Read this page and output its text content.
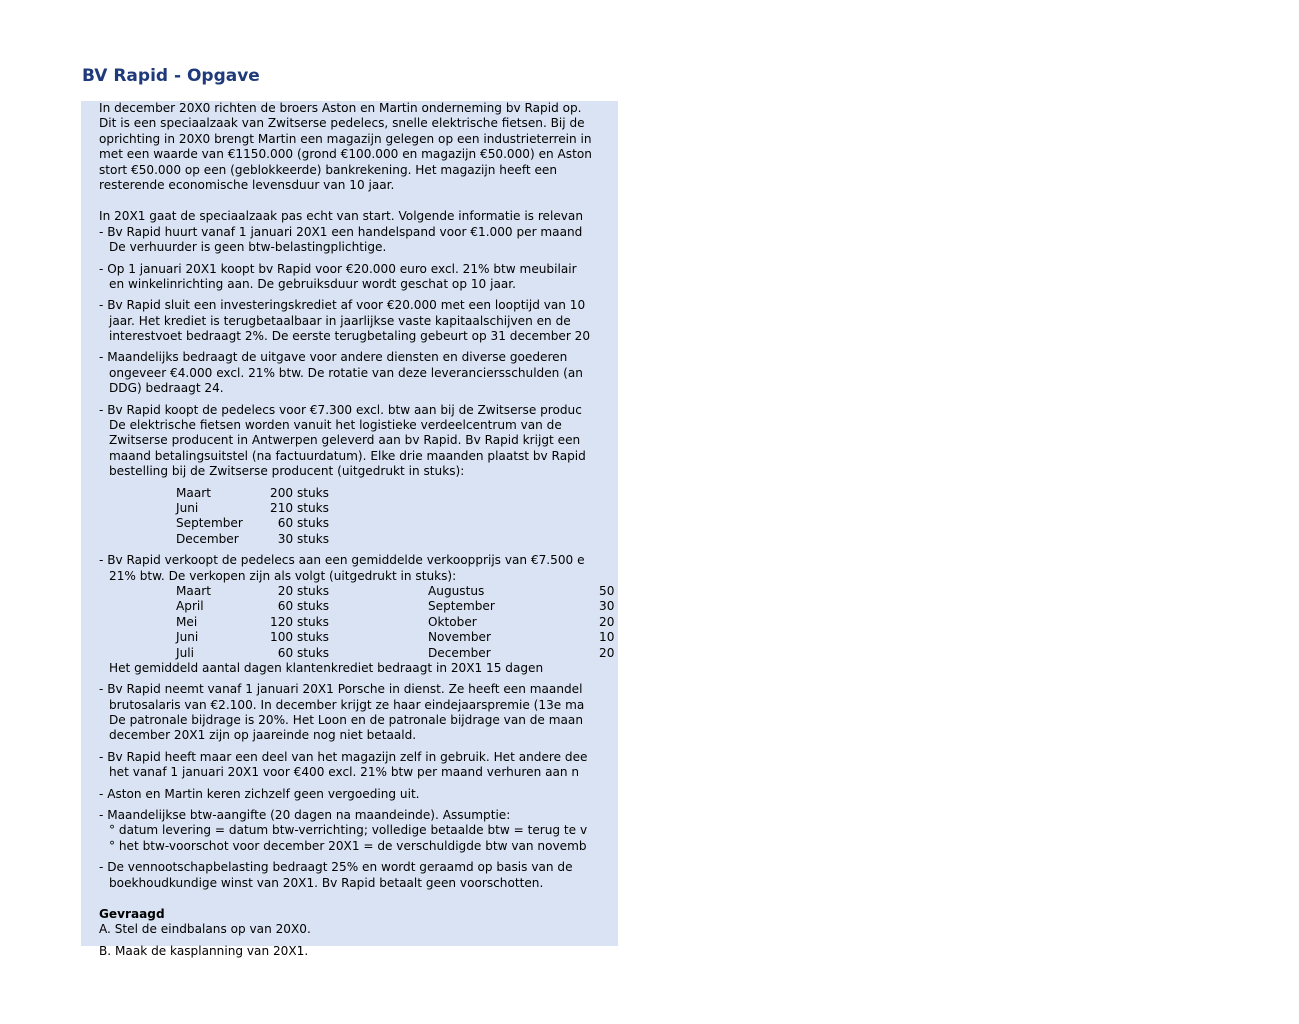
BV Rapid - Opgave
In december 20X0 richten de broers Aston en Martin onderneming bv Rapid op.
Dit is een speciaalzaak van Zwitserse pedelecs, snelle elektrische fietsen. Bij de
oprichting in 20X0 brengt Martin een magazijn gelegen op een industrieterrein in
met een waarde van €1150.000 (grond €100.000 en magazijn €50.000) en Aston
stort €50.000 op een (geblokkeerde) bankrekening. Het magazijn heeft een
resterende economische levensduur van 10 jaar.
In 20X1 gaat de speciaalzaak pas echt van start. Volgende informatie is relevan
- Bv Rapid huurt vanaf 1 januari 20X1 een handelspand voor €1.000 per maand
De verhuurder is geen btw-belastingplichtige.
- Op 1 januari 20X1 koopt bv Rapid voor €20.000 euro excl. 21% btw meubilair
en winkelinrichting aan. De gebruiksduur wordt geschat op 10 jaar.
- Bv Rapid sluit een investeringskrediet af voor €20.000 met een looptijd van 10
jaar. Het krediet is terugbetaalbaar in jaarlijkse vaste kapitaalschijven en de
interestvoet bedraagt 2%. De eerste terugbetaling gebeurt op 31 december 20
- Maandelijks bedraagt de uitgave voor andere diensten en diverse goederen
ongeveer €4.000 excl. 21% btw. De rotatie van deze leveranciersschulden (an
DDG) bedraagt 24.
- Bv Rapid koopt de pedelecs voor €7.300 excl. btw aan bij de Zwitserse produc
De elektrische fietsen worden vanuit het logistieke verdeelcentrum van de
Zwitserse producent in Antwerpen geleverd aan bv Rapid. Bv Rapid krijgt een
maand betalingsuitstel (na factuurdatum). Elke drie maanden plaatst bv Rapid
bestelling bij de Zwitserse producent (uitgedrukt in stuks):
Maart	200 stuks
Juni	210 stuks
September	60 stuks
December	30 stuks
- Bv Rapid verkoopt de pedelecs aan een gemiddelde verkoopprijs van €7.500 e
21% btw. De verkopen zijn als volgt (uitgedrukt in stuks):
Maart	20 stuks	Augustus	50
April	60 stuks	September	30
Mei	120 stuks	Oktober	20
Juni	100 stuks	November	10
Juli	60 stuks	December	20
Het gemiddeld aantal dagen klantenkrediet bedraagt in 20X1 15 dagen
- Bv Rapid neemt vanaf 1 januari 20X1 Porsche in dienst. Ze heeft een maandel
brutosalaris van €2.100. In december krijgt ze haar eindejaarspremie (13e ma
De patronale bijdrage is 20%. Het Loon en de patronale bijdrage van de maan
december 20X1 zijn op jaareinde nog niet betaald.
- Bv Rapid heeft maar een deel van het magazijn zelf in gebruik. Het andere dee
het vanaf 1 januari 20X1 voor €400 excl. 21% btw per maand verhuren aan n
- Aston en Martin keren zichzelf geen vergoeding uit.
- Maandelijkse btw-aangifte (20 dagen na maandeinde). Assumptie:
° datum levering = datum btw-verrichting; volledige betaalde btw = terug te v
° het btw-voorschot voor december 20X1 = de verschuldigde btw van novemb
- De vennootschapbelasting bedraagt 25% en wordt geraamd op basis van de
boekhoudkundige winst van 20X1. Bv Rapid betaalt geen voorschotten.
Gevraagd
A. Stel de eindbalans op van 20X0.
B. Maak de kasplanning van 20X1.
